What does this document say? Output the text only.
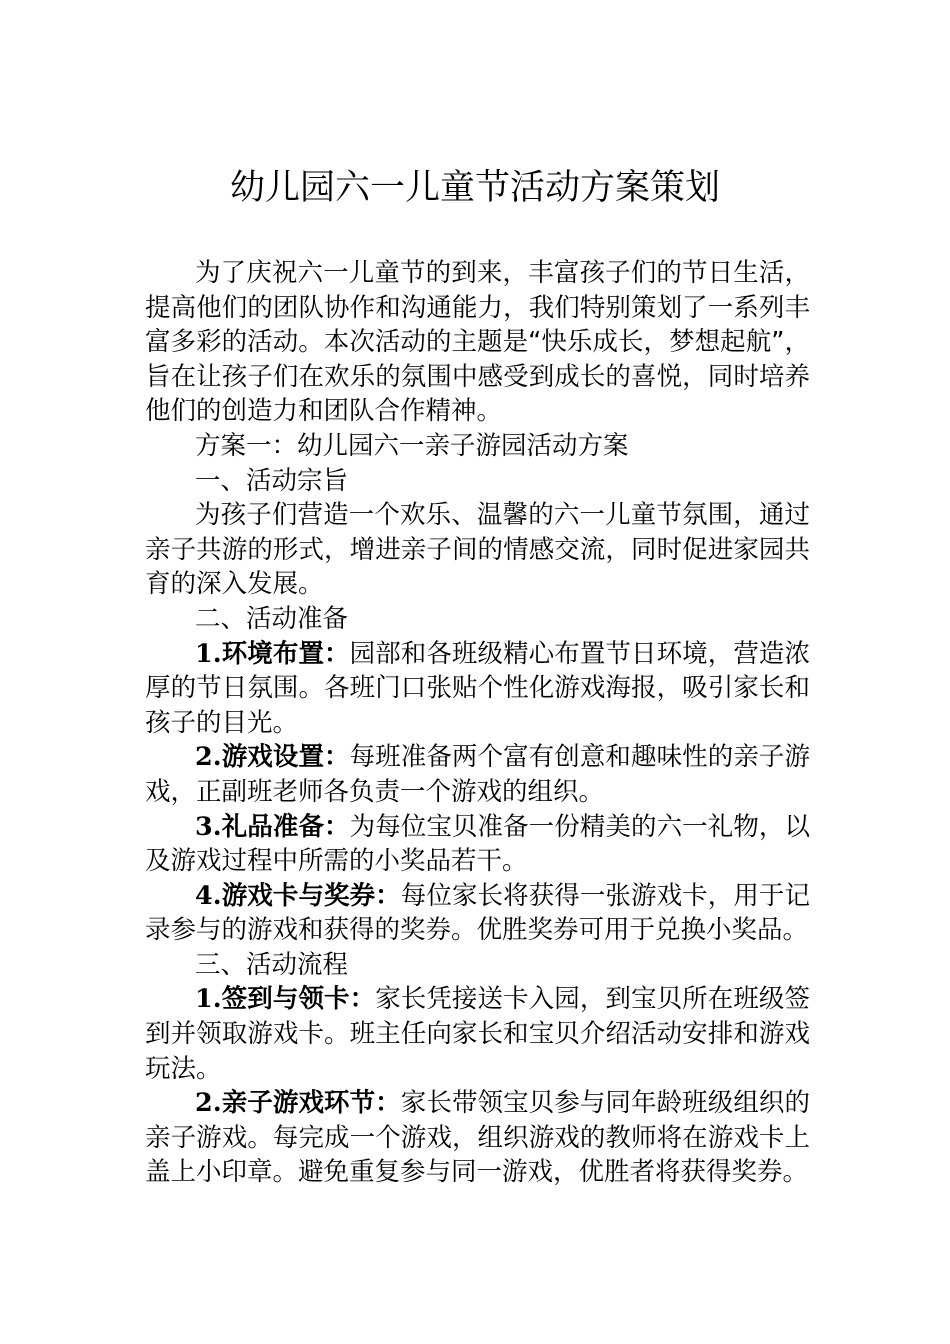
幼儿园六一儿童节活动方案策划

为了庆祝六一儿童节的到来，丰富孩子们的节日生活，提高他们的团队协作和沟通能力，我们特别策划了一系列丰富多彩的活动。本次活动的主题是“快乐成长，梦想起航”，旨在让孩子们在欢乐的氛围中感受到成长的喜悦，同时培养他们的创造力和团队合作精神。

方案一：幼儿园六一亲子游园活动方案

一、活动宗旨

为孩子们营造一个欢乐、温馨的六一儿童节氛围，通过亲子共游的形式，增进亲子间的情感交流，同时促进家园共育的深入发展。

二、活动准备

1.环境布置：园部和各班级精心布置节日环境，营造浓厚的节日氛围。各班门口张贴个性化游戏海报，吸引家长和孩子的目光。

2.游戏设置：每班准备两个富有创意和趣味性的亲子游戏，正副班老师各负责一个游戏的组织。

3.礼品准备：为每位宝贝准备一份精美的六一礼物，以及游戏过程中所需的小奖品若干。

4.游戏卡与奖券：每位家长将获得一张游戏卡，用于记录参与的游戏和获得的奖券。优胜奖券可用于兑换小奖品。

三、活动流程

1.签到与领卡：家长凭接送卡入园，到宝贝所在班级签到并领取游戏卡。班主任向家长和宝贝介绍活动安排和游戏玩法。

2.亲子游戏环节：家长带领宝贝参与同年龄班级组织的亲子游戏。每完成一个游戏，组织游戏的教师将在游戏卡上盖上小印章。避免重复参与同一游戏，优胜者将获得奖券。
